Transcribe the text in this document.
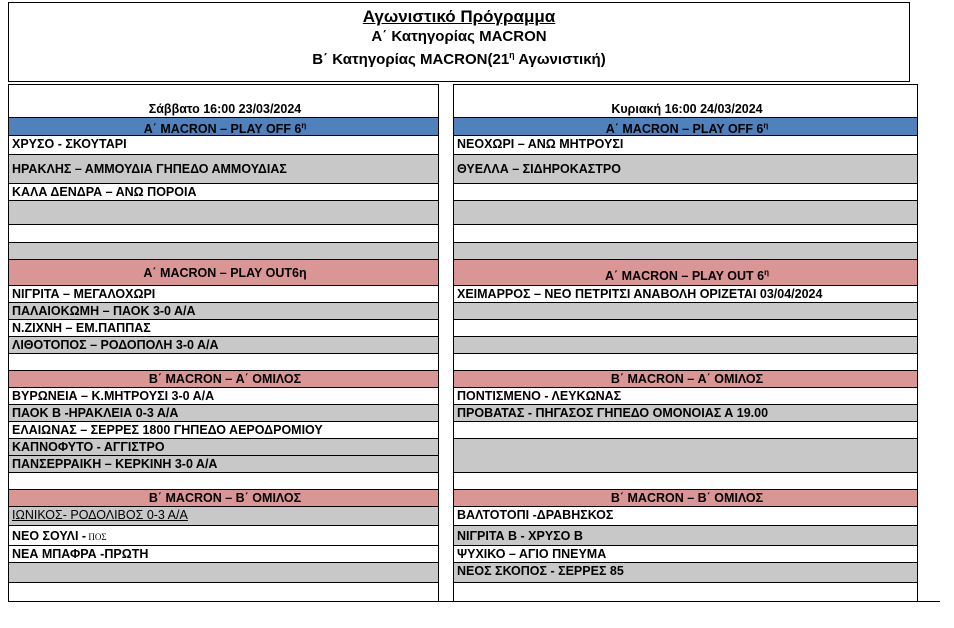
Αγωνιστικό Πρόγραμμα
Α΄ Κατηγορίας MACRON
Β΄ Κατηγορίας $MACRON(21^\eta$ Αγωνιστική)
Σάββατο 16:00 23/03/2024
Α΄ MACRON – PLAY OFF $6^\eta$
ΧΡΥΣΟ - ΣΚΟΥΤΑΡΙ
ΗΡΑΚΛΗΣ – ΑΜΜΟΥΔΙΑ ΓΗΠΕΔΟ ΑΜΜΟΥΔΙΑΣ
ΚΑΛΑ ΔΕΝΔΡΑ – ΑΝΩ ΠΟΡΟΙΑ
Α΄ MACRON – PLAY OUT6η
ΝΙΓΡΙΤΑ – ΜΕΓΑΛΟΧΩΡΙ
ΠΑΛΑΙΟΚΩΜΗ – ΠΑΟΚ 3-0 Α/Α
Ν.ΖΙΧΝΗ – ΕΜ.ΠΑΠΠΑΣ
ΛΙΘΟΤΟΠΟΣ – ΡΟΔΟΠΟΛΗ 3-0 Α/Α
Β΄ MACRON – Α΄ ΟΜΙΛΟΣ
ΒΥΡΩΝΕΙΑ – Κ.ΜΗΤΡΟΥΣΙ 3-0 Α/Α
ΠΑΟΚ Β -ΗΡΑΚΛΕΙΑ 0-3 Α/Α
ΕΛΑΙΩΝΑΣ – ΣΕΡΡΕΣ 1800 ΓΗΠΕΔΟ ΑΕΡΟΔΡΟΜΙΟΥ
ΚΑΠΝΟΦΥΤΟ - ΑΓΓΙΣΤΡΟ
ΠΑΝΣΕΡΡΑΙΚΗ – ΚΕΡΚΙΝΗ 3-0 Α/Α
Β΄ MACRON – Β΄ ΟΜΙΛΟΣ
ΙΩΝΙΚΟΣ- ΡΟΔΟΛΙΒΟΣ 0-3 Α/Α
ΝΕΟ ΣΟΥΛΙ - ΠΟΣ
ΝΕΑ ΜΠΑΦΡΑ -ΠΡΩΤΗ
Κυριακή 16:00 24/03/2024
Α΄ MACRON – PLAY OFF $6^\eta$
ΝΕΟΧΩΡΙ – ΑΝΩ ΜΗΤΡΟΥΣΙ
ΘΥΕΛΛΑ – ΣΙΔΗΡΟΚΑΣΤΡΟ
Α΄ MACRON – PLAY OUT $6^\eta$
ΧΕΙΜΑΡΡΟΣ – ΝΕΟ ΠΕΤΡΙΤΣΙ ΑΝΑΒΟΛΗ ΟΡΙΖΕΤΑΙ 03/04/2024
Β΄ MACRON – Α΄ ΟΜΙΛΟΣ
ΠΟΝΤΙΣΜΕΝΟ - ΛΕΥΚΩΝΑΣ
ΠΡΟΒΑΤΑΣ - ΠΗΓΑΣΟΣ ΓΗΠΕΔΟ ΟΜΟΝΟΙΑΣ Α 19.00
Β΄ MACRON – Β΄ ΟΜΙΛΟΣ
ΒΑΛΤΟΤΟΠΙ -ΔΡΑΒΗΣΚΟΣ
ΝΙΓΡΙΤΑ Β - ΧΡΥΣΟ Β
ΨΥΧΙΚΟ – ΑΓΙΟ ΠΝΕΥΜΑ
ΝΕΟΣ ΣΚΟΠΟΣ - ΣΕΡΡΕΣ 85
